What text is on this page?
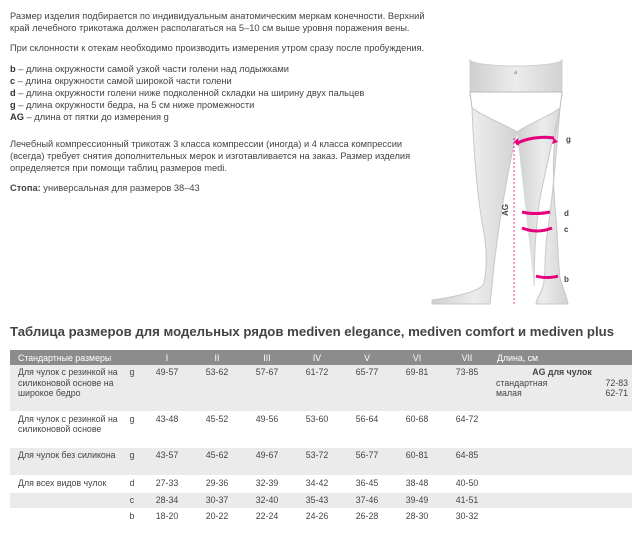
Размер изделия подбирается по индивидуальным анатомическим меркам конечности. Верхний край лечебного трикотажа должен располагаться на 5–10 см выше уровня поражения вены.

При склонности к отекам необходимо производить измерения утром сразу после пробуждения.

b – длина окружности самой узкой части голени над лодыжками
c – длина окружности самой широкой части голени
d – длина окружности голени ниже подколенной складки на ширину двух пальцев
g – длина окружности бедра, на 5 см ниже промежности
AG – длина от пятки до измерения g

Лечебный компрессионный трикотаж 3 класса компрессии (иногда) и 4 класса компрессии (всегда) требует снятия дополнительных мерок и изготавливается на заказ. Размер изделия определяется при помощи таблиц размеров medi.

Стопа: универсальная для размеров 38–43

a
AG
g
d
c
b
Таблица размеров для модельных рядов mediven elegance, mediven comfort и mediven plus
Стандартные размеры		I	II	III	IV	V	VI	VII	Длина, см
Для чулок с резинкой на силиконовой основе на широкое бедро	g	49-57	53-62	57-67	61-72	65-77	69-81	73-85	AG для чулок
стандартная 72-83
малая 62-71

Для чулок с резинкой на силиконовой основе	g	43-48	45-52	49-56	53-60	56-64	60-68	64-72	
Для чулок без силикона	g	43-57	45-62	49-67	53-72	56-77	60-81	64-85	
Для всех видов чулок	d	27-33	29-36	32-39	34-42	36-45	38-48	40-50	
	c	28-34	30-37	32-40	35-43	37-46	39-49	41-51	
	b	18-20	20-22	22-24	24-26	26-28	28-30	30-32	
